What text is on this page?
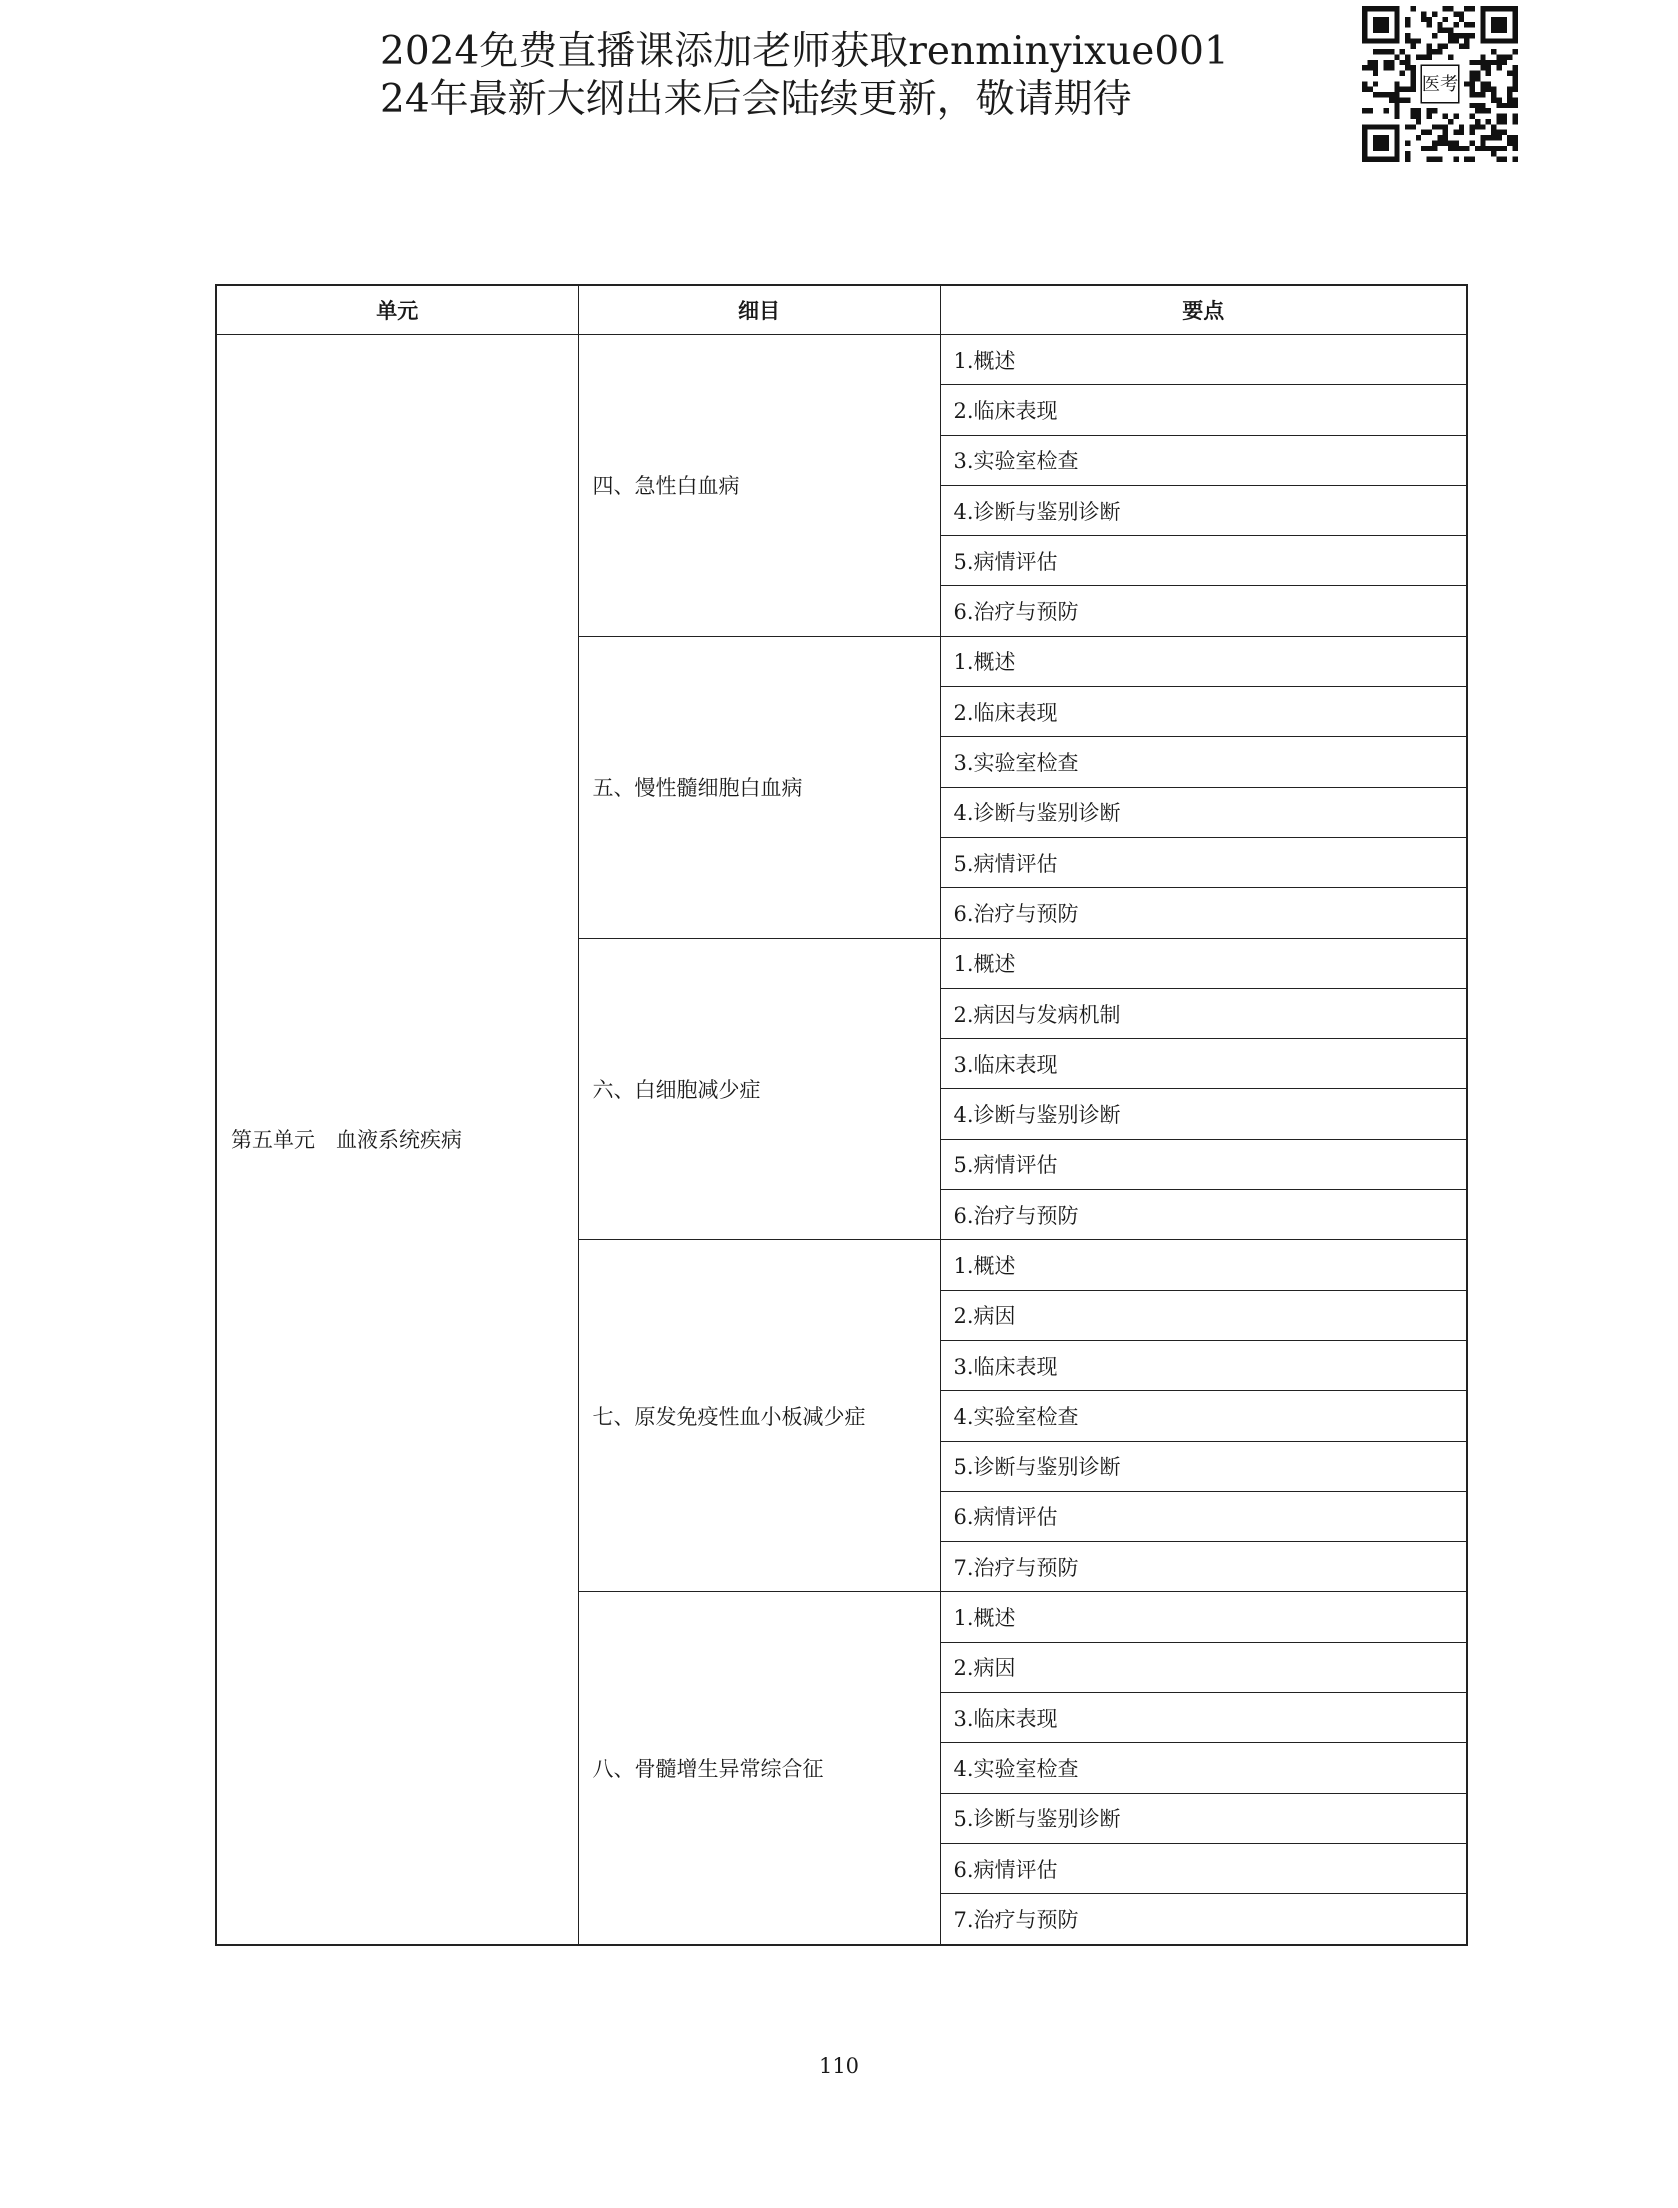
2024免费直播课添加老师获取renminyixue001
24年最新大纲出来后会陆续更新，敬请期待	医考
单元	细目	要点
第五单元　血液系统疾病	四、急性白血病	1.概述
		2.临床表现
		3.实验室检查
		4.诊断与鉴别诊断
		5.病情评估
		6.治疗与预防
	五、慢性髓细胞白血病	1.概述
		2.临床表现
		3.实验室检查
		4.诊断与鉴别诊断
		5.病情评估
		6.治疗与预防
	六、白细胞减少症	1.概述
		2.病因与发病机制
		3.临床表现
		4.诊断与鉴别诊断
		5.病情评估
		6.治疗与预防
	七、原发免疫性血小板减少症	1.概述
		2.病因
		3.临床表现
		4.实验室检查
		5.诊断与鉴别诊断
		6.病情评估
		7.治疗与预防
	八、骨髓增生异常综合征	1.概述
		2.病因
		3.临床表现
		4.实验室检查
		5.诊断与鉴别诊断
		6.病情评估
		7.治疗与预防
110
